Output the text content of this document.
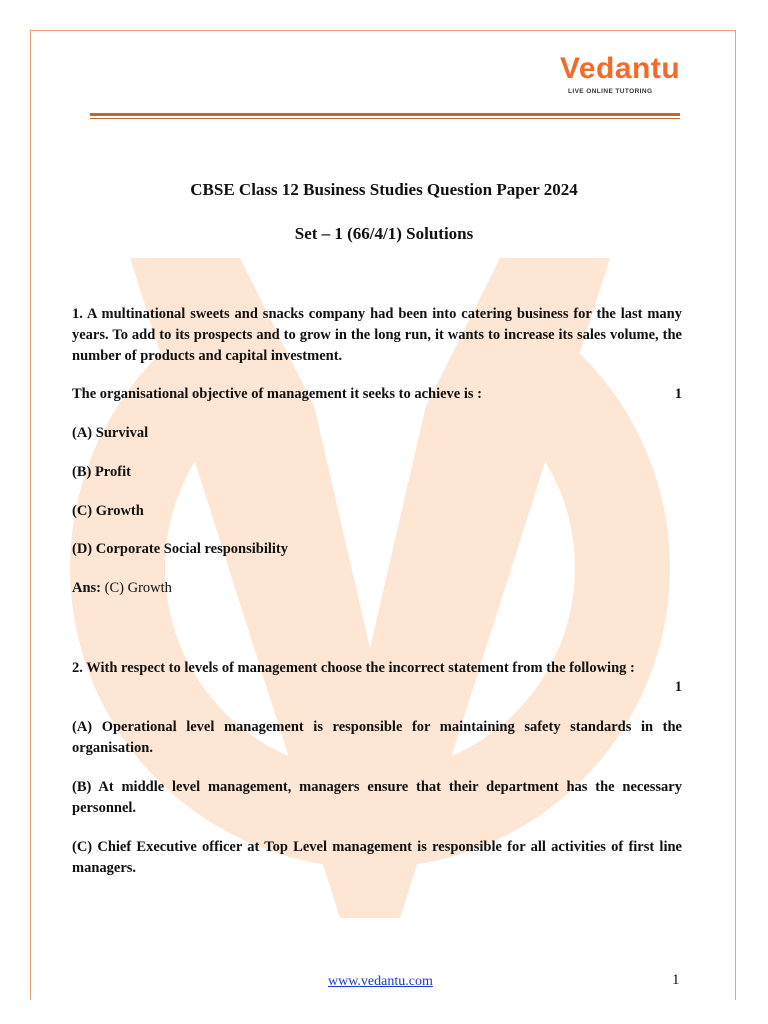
Vedantu
LIVE ONLINE TUTORING
CBSE Class 12 Business Studies Question Paper 2024
Set – 1 (66/4/1) Solutions
1. A multinational sweets and snacks company had been into catering business for the last many years. To add to its prospects and to grow in the long run, it wants to increase its sales volume, the number of products and capital investment.
The organisational objective of management it seeks to achieve is :	1
(A) Survival
(B) Profit
(C) Growth
(D) Corporate Social responsibility
Ans: (C) Growth
2. With respect to levels of management choose the incorrect statement from the following :
1
(A) Operational level management is responsible for maintaining safety standards in the organisation.
(B) At middle level management, managers ensure that their department has the necessary personnel.
(C) Chief Executive officer at Top Level management is responsible for all activities of first line managers.
www.vedantu.com	1
